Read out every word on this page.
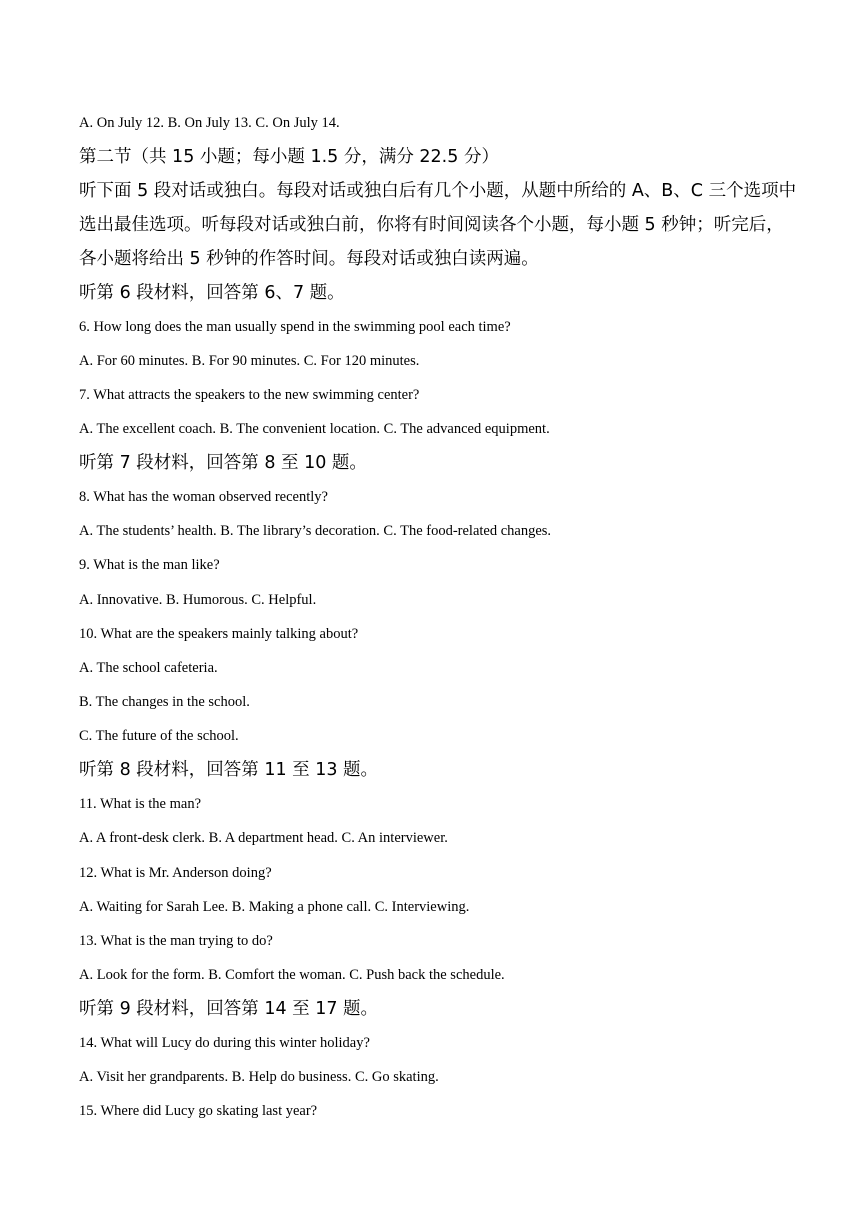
A. On July 12. B. On July 13. C. On July 14.
第二节（共 15 小题；每小题 1.5 分，满分 22.5 分）
听下面 5 段对话或独白。每段对话或独白后有几个小题，从题中所给的 A、B、C 三个选项中
选出最佳选项。听每段对话或独白前，你将有时间阅读各个小题，每小题 5 秒钟；听完后，
各小题将给出 5 秒钟的作答时间。每段对话或独白读两遍。
听第 6 段材料，回答第 6、7 题。
6. How long does the man usually spend in the swimming pool each time?
A. For 60 minutes. B. For 90 minutes. C. For 120 minutes.
7. What attracts the speakers to the new swimming center?
A. The excellent coach. B. The convenient location. C. The advanced equipment.
听第 7 段材料，回答第 8 至 10 题。
8. What has the woman observed recently?
A. The students’ health. B. The library’s decoration. C. The food-related changes.
9. What is the man like?
A. Innovative. B. Humorous. C. Helpful.
10. What are the speakers mainly talking about?
A. The school cafeteria.
B. The changes in the school.
C. The future of the school.
听第 8 段材料，回答第 11 至 13 题。
11. What is the man?
A. A front-desk clerk. B. A department head. C. An interviewer.
12. What is Mr. Anderson doing?
A. Waiting for Sarah Lee. B. Making a phone call. C. Interviewing.
13. What is the man trying to do?
A. Look for the form. B. Comfort the woman. C. Push back the schedule.
听第 9 段材料，回答第 14 至 17 题。
14. What will Lucy do during this winter holiday?
A. Visit her grandparents. B. Help do business. C. Go skating.
15. Where did Lucy go skating last year?
